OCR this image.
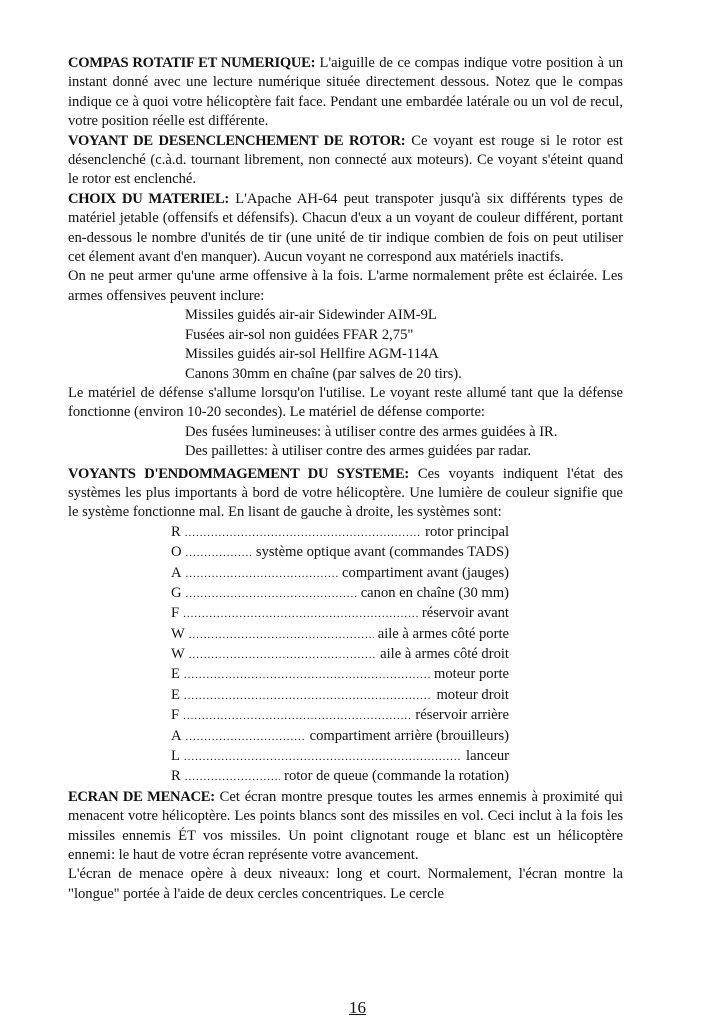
COMPAS ROTATIF ET NUMERIQUE: L'aiguille de ce compas indique votre position à un instant donné avec une lecture numérique située directement dessous. Notez que le compas indique ce à quoi votre hélicoptère fait face. Pendant une embardée latérale ou un vol de recul, votre position réelle est différente.

VOYANT DE DESENCLENCHEMENT DE ROTOR: Ce voyant est rouge si le rotor est désenclenché (c.à.d. tournant librement, non connecté aux moteurs). Ce voyant s'éteint quand le rotor est enclenché.

CHOIX DU MATERIEL: L'Apache AH-64 peut transpoter jusqu'à six différents types de matériel jetable (offensifs et défensifs). Chacun d'eux a un voyant de couleur différent, portant en-dessous le nombre d'unités de tir (une unité de tir indique combien de fois on peut utiliser cet élement avant d'en manquer). Aucun voyant ne correspond aux matériels inactifs.

On ne peut armer qu'une arme offensive à la fois. L'arme normalement prête est éclairée. Les armes offensives peuvent inclure:

Missiles guidés air-air Sidewinder AIM-9L
Fusées air-sol non guidées FFAR 2,75"
Missiles guidés air-sol Hellfire AGM-114A
Canons 30mm en chaîne (par salves de 20 tirs).

Le matériel de défense s'allume lorsqu'on l'utilise. Le voyant reste allumé tant que la défense fonctionne (environ 10-20 secondes). Le matériel de défense comporte:

Des fusées lumineuses: à utiliser contre des armes guidées à IR.
Des paillettes: à utiliser contre des armes guidées par radar.

VOYANTS D'ENDOMMAGEMENT DU SYSTEME: Ces voyants indiquent l'état des systèmes les plus importants à bord de votre hélicoptère. Une lumière de couleur signifie que le système fonctionne mal. En lisant de gauche à droite, les systèmes sont:

R .....	rotor principal
O .....	système optique avant (commandes TADS)
A .....	compartiment avant (jauges)
G .....	canon en chaîne (30 mm)
F .....	réservoir avant
W .....	aile à armes côté porte
W .....	aile à armes côté droit
E .....	moteur porte
E .....	moteur droit
F .....	réservoir arrière
A .....	compartiment arrière (brouilleurs)
L .....	lanceur
R .....	rotor de queue (commande la rotation)

ECRAN DE MENACE: Cet écran montre presque toutes les armes ennemis à proximité qui menacent votre hélicoptère. Les points blancs sont des missiles en vol. Ceci inclut à la fois les missiles ennemis ÉT vos missiles. Un point clignotant rouge et blanc est un hélicoptère ennemi: le haut de votre écran représente votre avancement.

L'écran de menace opère à deux niveaux: long et court. Normalement, l'écran montre la "longue" portée à l'aide de deux cercles concentriques. Le cercle

16
